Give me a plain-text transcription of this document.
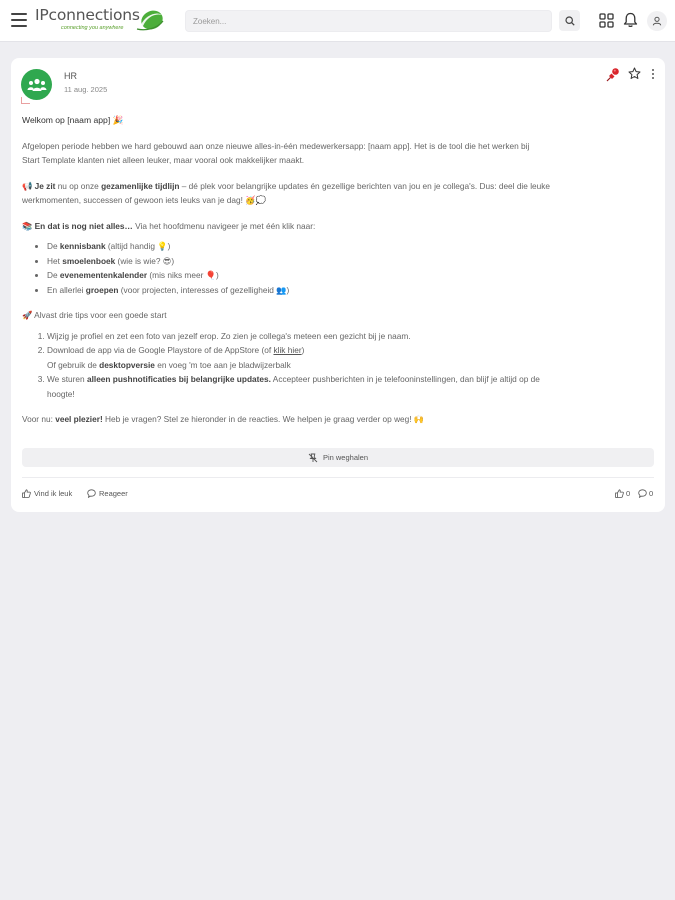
IPconnections
connecting you anywhere
Zoeken...
HR
11 aug. 2025

Welkom op [naam app] 🎉

Afgelopen periode hebben we hard gebouwd aan onze nieuwe alles-in-één medewerkersapp: [naam app]. Het is de tool die het werken bij

Start Template klanten niet alleen leuker, maar vooral ook makkelijker maakt.

📢 Je zit nu op onze gezamenlijke tijdlijn – dé plek voor belangrijke updates én gezellige berichten van jou en je collega's. Dus: deel die leuke

werkmomenten, successen of gewoon iets leuks van je dag! 🥳💭

📚 En dat is nog niet alles… Via het hoofdmenu navigeer je met één klik naar:

• De kennisbank (altijd handig 💡)
• Het smoelenboek (wie is wie? 😎)
• De evenementenkalender (mis niks meer 🎈)
• En allerlei groepen (voor projecten, interesses of gezelligheid 👥)

🚀 Alvast drie tips voor een goede start

1. Wijzig je profiel en zet een foto van jezelf erop. Zo zien je collega's meteen een gezicht bij je naam.
2. Download de app via de Google Playstore of de AppStore (of klik hier)
Of gebruik de desktopversie en voeg 'm toe aan je bladwijzerbalk
3. We sturen alleen pushnotificaties bij belangrijke updates. Accepteer pushberichten in je telefooninstellingen, dan blijf je altijd op de
hoogte!

Voor nu: veel plezier! Heb je vragen? Stel ze hieronder in de reacties. We helpen je graag verder op weg! 🙌

Pin weghalen
Vind ik leuk	Reageer	0	0
